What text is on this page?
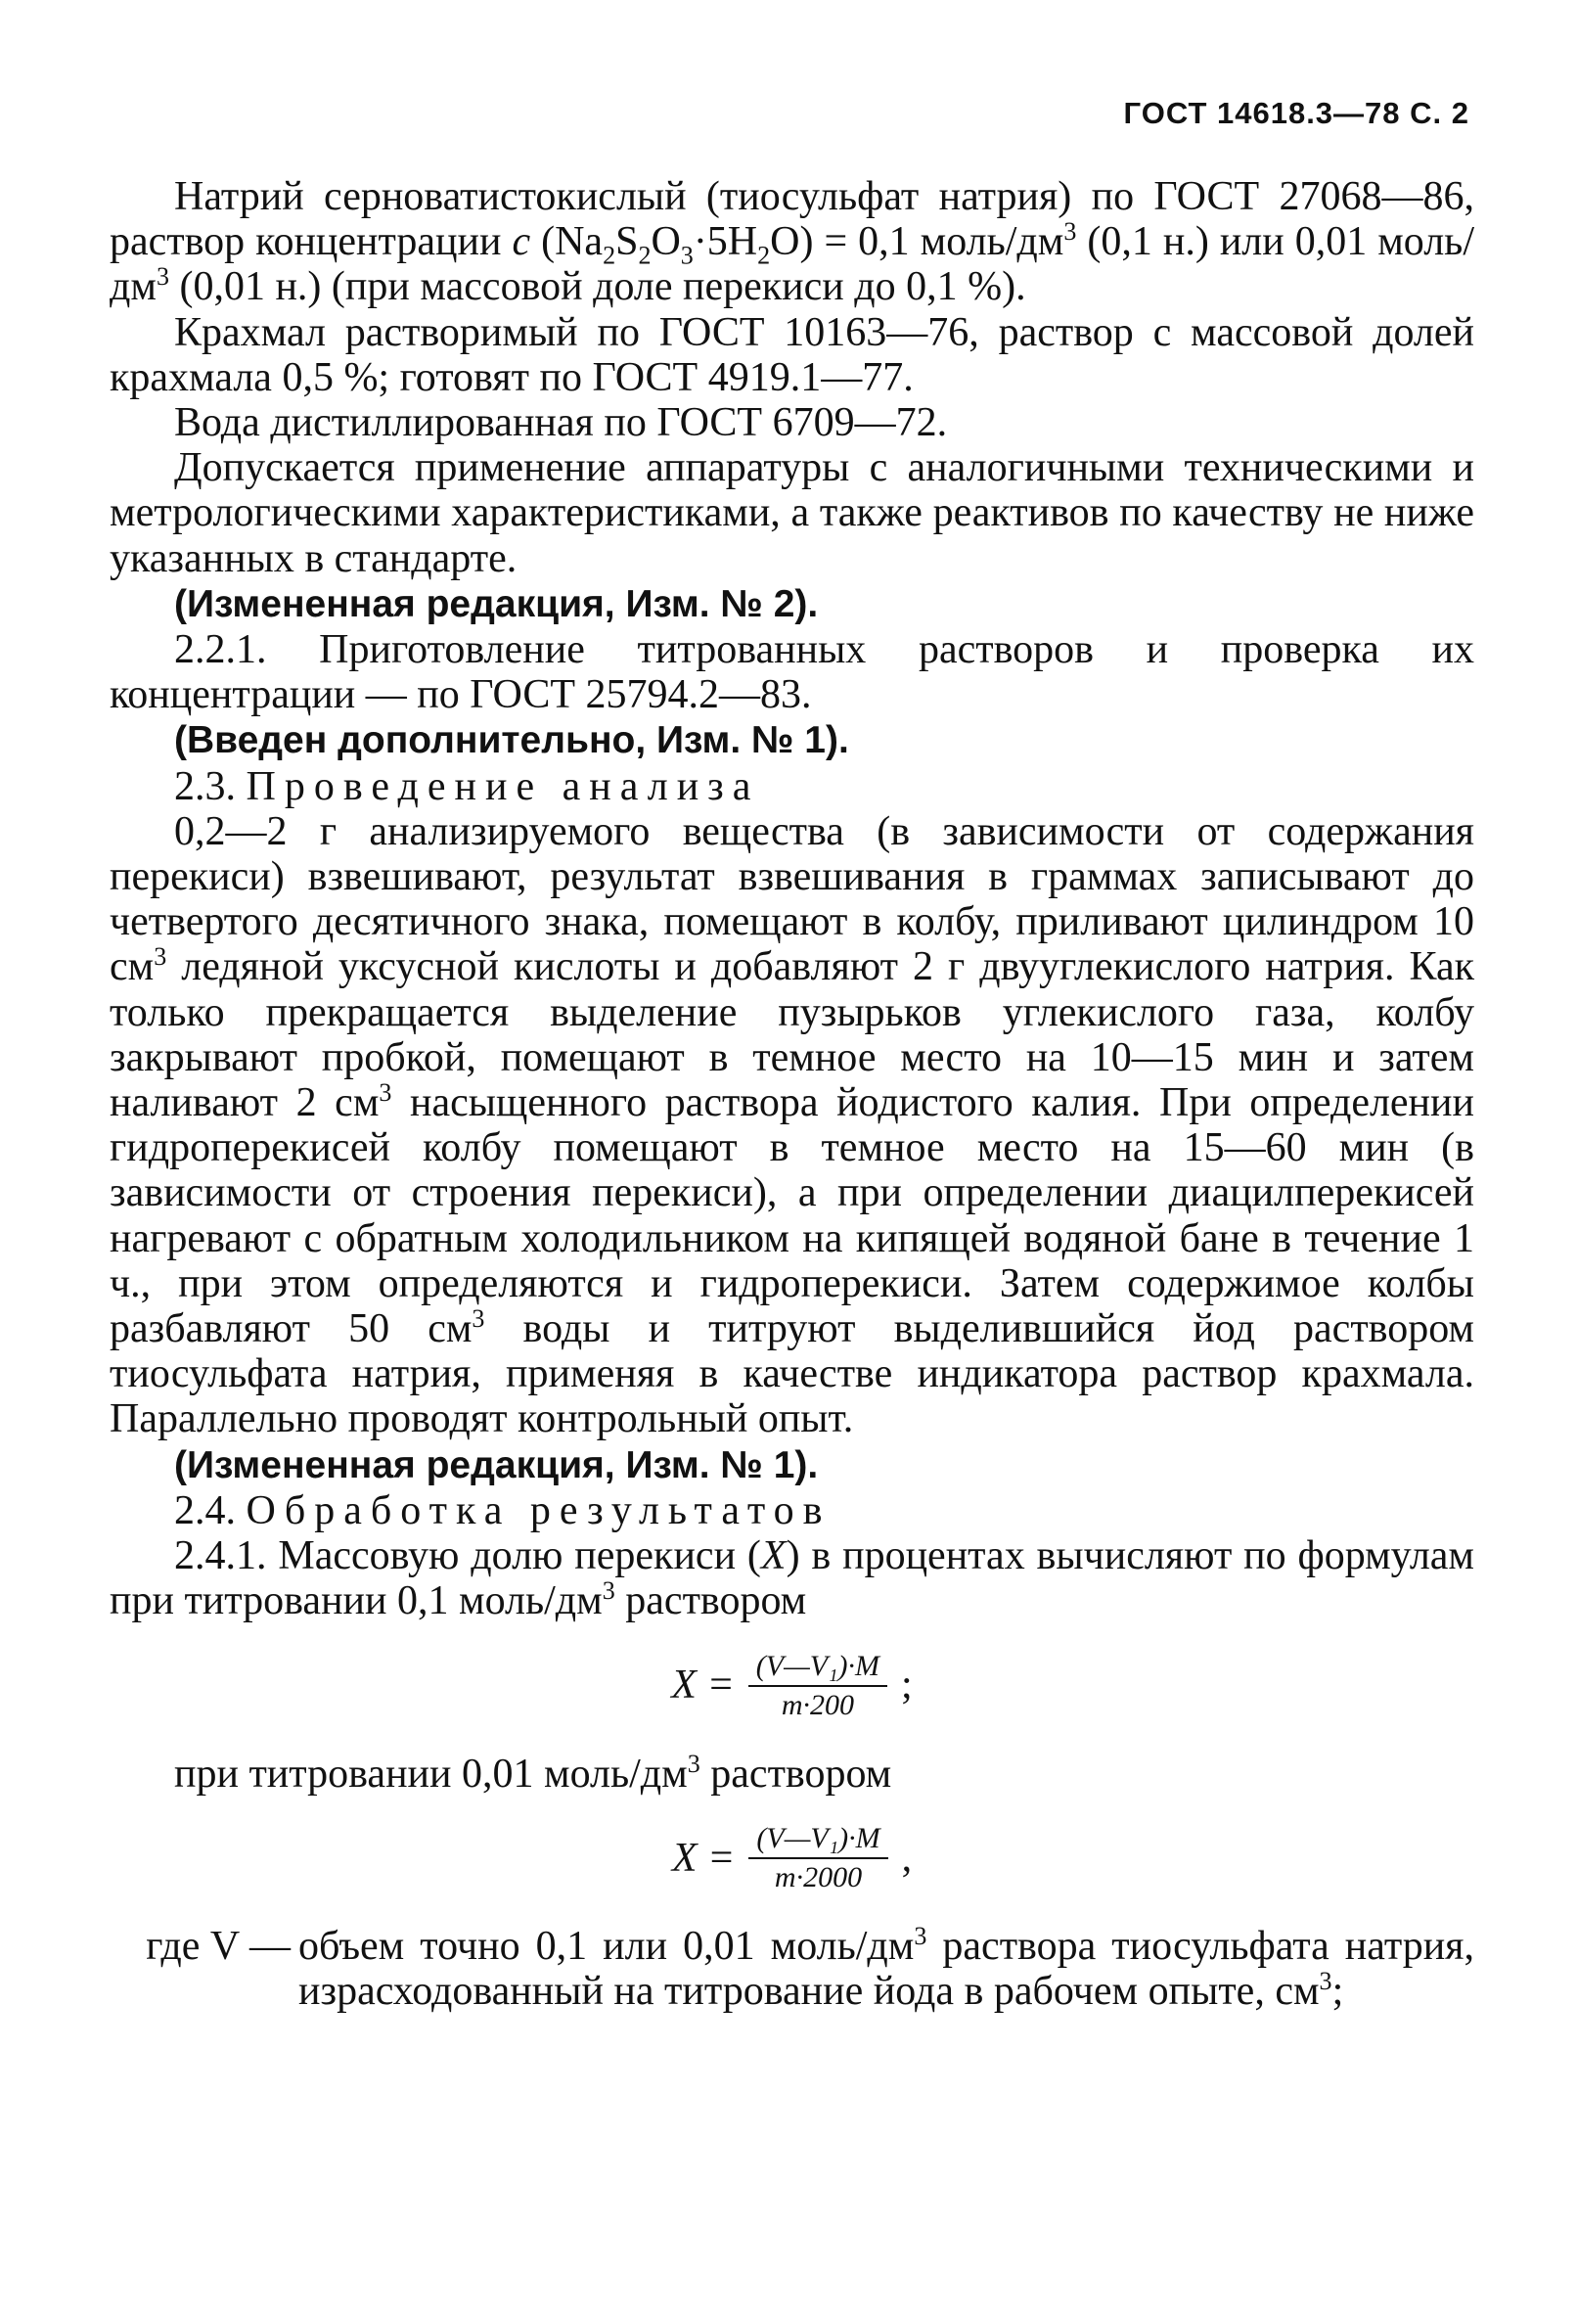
ГОСТ 14618.3—78 С. 2

Натрий серноватистокислый (тиосульфат натрия) по ГОСТ 27068—86, раствор концентрации c $(Na_2S_2O_3\cdot 5H_2O) = 0,1$ моль/$дм^3$ (0,1 н.) или 0,01 моль/$дм^3$ (0,01 н.) (при массовой доле перекиси до 0,1 %).

Крахмал растворимый по ГОСТ 10163—76, раствор с массовой долей крахмала 0,5 %; готовят по ГОСТ 4919.1—77.

Вода дистиллированная по ГОСТ 6709—72.

Допускается применение аппаратуры с аналогичными техническими и метрологическими характеристиками, а также реактивов по качеству не ниже указанных в стандарте.

(Измененная редакция, Изм. № 2).

2.2.1. Приготовление титрованных растворов и проверка их концентрации — по ГОСТ 25794.2—83.

(Введен дополнительно, Изм. № 1).

2.3. Проведение анализа

0,2—2 г анализируемого вещества (в зависимости от содержания перекиси) взвешивают, результат взвешивания в граммах записывают до четвертого десятичного знака, помещают в колбу, приливают цилиндром 10 $см^3$ ледяной уксусной кислоты и добавляют 2 г двууглекислого натрия. Как только прекращается выделение пузырьков углекислого газа, колбу закрывают пробкой, помещают в темное место на 10—15 мин и затем наливают 2 $см^3$ насыщенного раствора йодистого калия. При определении гидроперекисей колбу помещают в темное место на 15—60 мин (в зависимости от строения перекиси), а при определении диацилперекисей нагревают с обратным холодильником на кипящей водяной бане в течение 1 ч., при этом определяются и гидроперекиси. Затем содержимое колбы разбавляют 50 $см^3$ воды и титруют выделившийся йод раствором тиосульфата натрия, применяя в качестве индикатора раствор крахмала. Параллельно проводят контрольный опыт.

(Измененная редакция, Изм. № 1).

2.4. Обработка результатов

2.4.1. Массовую долю перекиси (X) в процентах вычисляют по формулам при титровании 0,1 моль/$дм^3$ раствором

$X = \frac{\text{(V—V₁)·M}}{m\cdot 200}$ ;

при титровании 0,01 моль/$дм^3$ раствором

$X = \frac{\text{(V—V₁)·M}}{m\cdot 2000}$ ,
где V — объем точно 0,1 или 0,01 моль/$дм^3$ раствора тиосульфата натрия, израсходованный на титрование йода в рабочем опыте, $см^3$;
